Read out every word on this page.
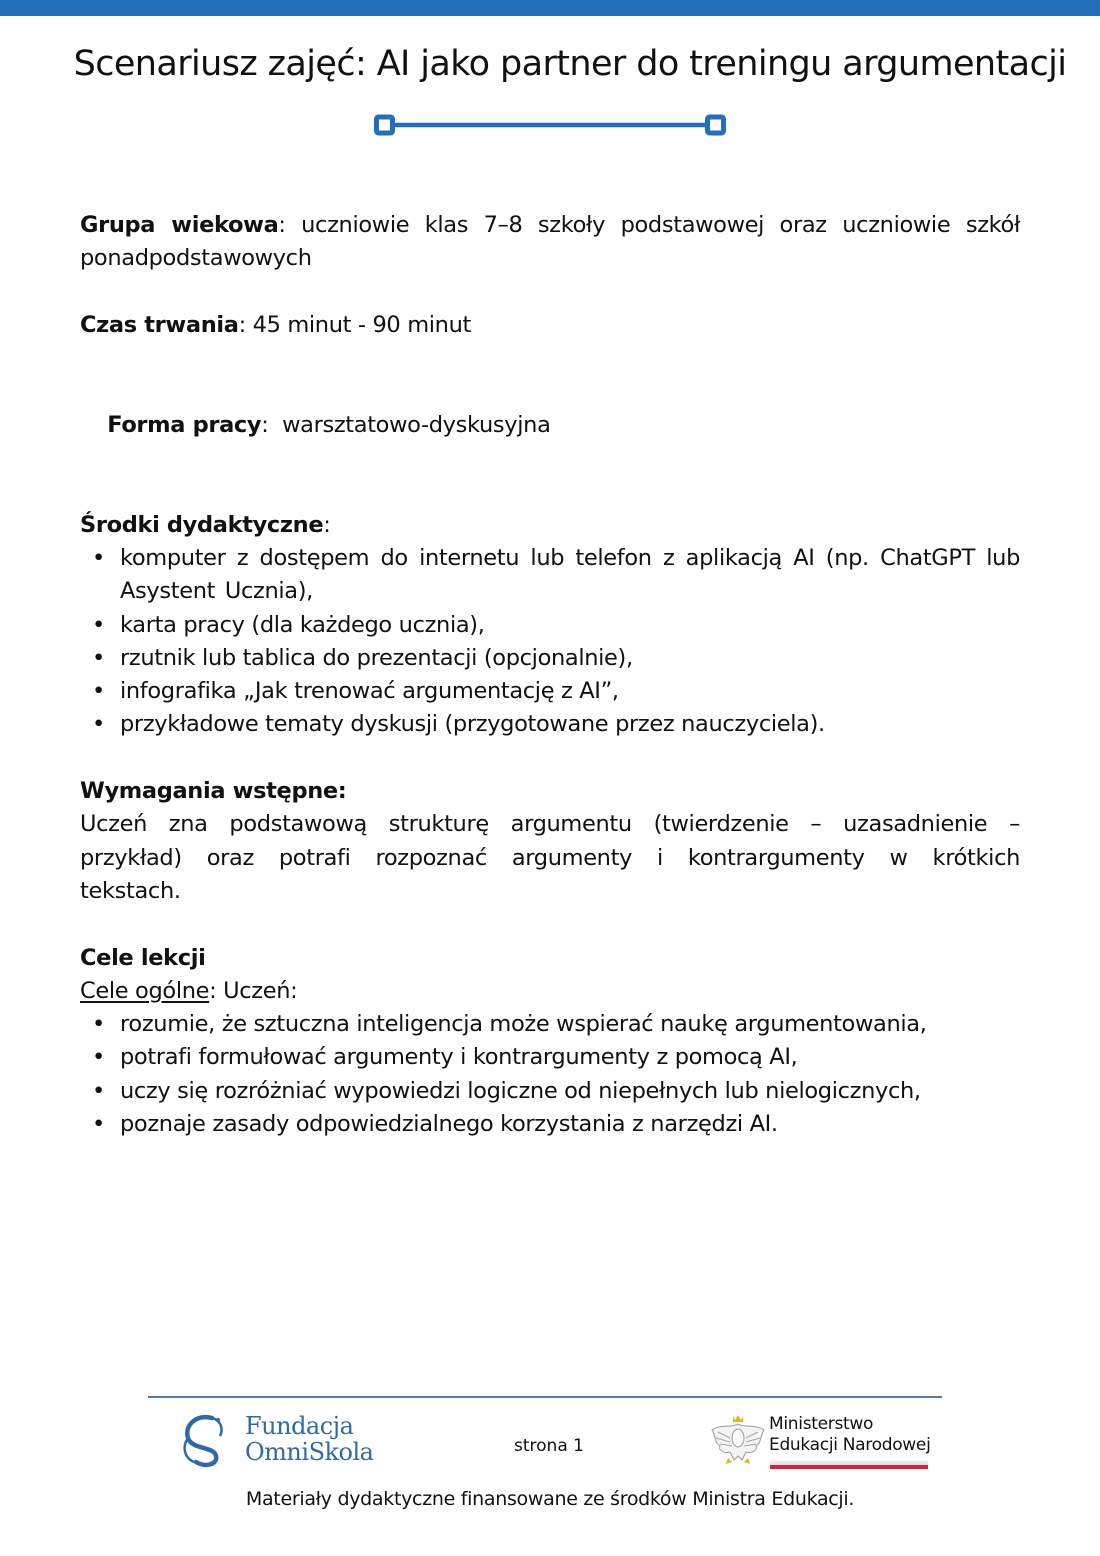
Scenariusz zajęć: AI jako partner do treningu argumentacji

Grupa wiekowa: uczniowie klas 7–8 szkoły podstawowej oraz uczniowie szkół ponadpodstawowych

Czas trwania: 45 minut - 90 minut

Forma pracy:  warsztatowo-dyskusyjna

Środki dydaktyczne:

• komputer z dostępem do internetu lub telefon z aplikacją AI (np. ChatGPT lub Asystent Ucznia),
• karta pracy (dla każdego ucznia),
• rzutnik lub tablica do prezentacji (opcjonalnie),
• infografika „Jak trenować argumentację z AI”,
• przykładowe tematy dyskusji (przygotowane przez nauczyciela).

Wymagania wstępne:

Uczeń zna podstawową strukturę argumentu (twierdzenie – uzasadnienie – przykład) oraz potrafi rozpoznać argumenty i kontrargumenty w krótkich tekstach.

Cele lekcji

Cele ogólne: Uczeń:

• rozumie, że sztuczna inteligencja może wspierać naukę argumentowania,
• potrafi formułować argumenty i kontrargumenty z pomocą AI,
• uczy się rozróżniać wypowiedzi logiczne od niepełnych lub nielogicznych,
• poznaje zasady odpowiedzialnego korzystania z narzędzi AI.
Fundacja
OmniSkola	strona 1
Ministerstwo
Edukacji Narodowej
Materiały dydaktyczne finansowane ze środków Ministra Edukacji.
